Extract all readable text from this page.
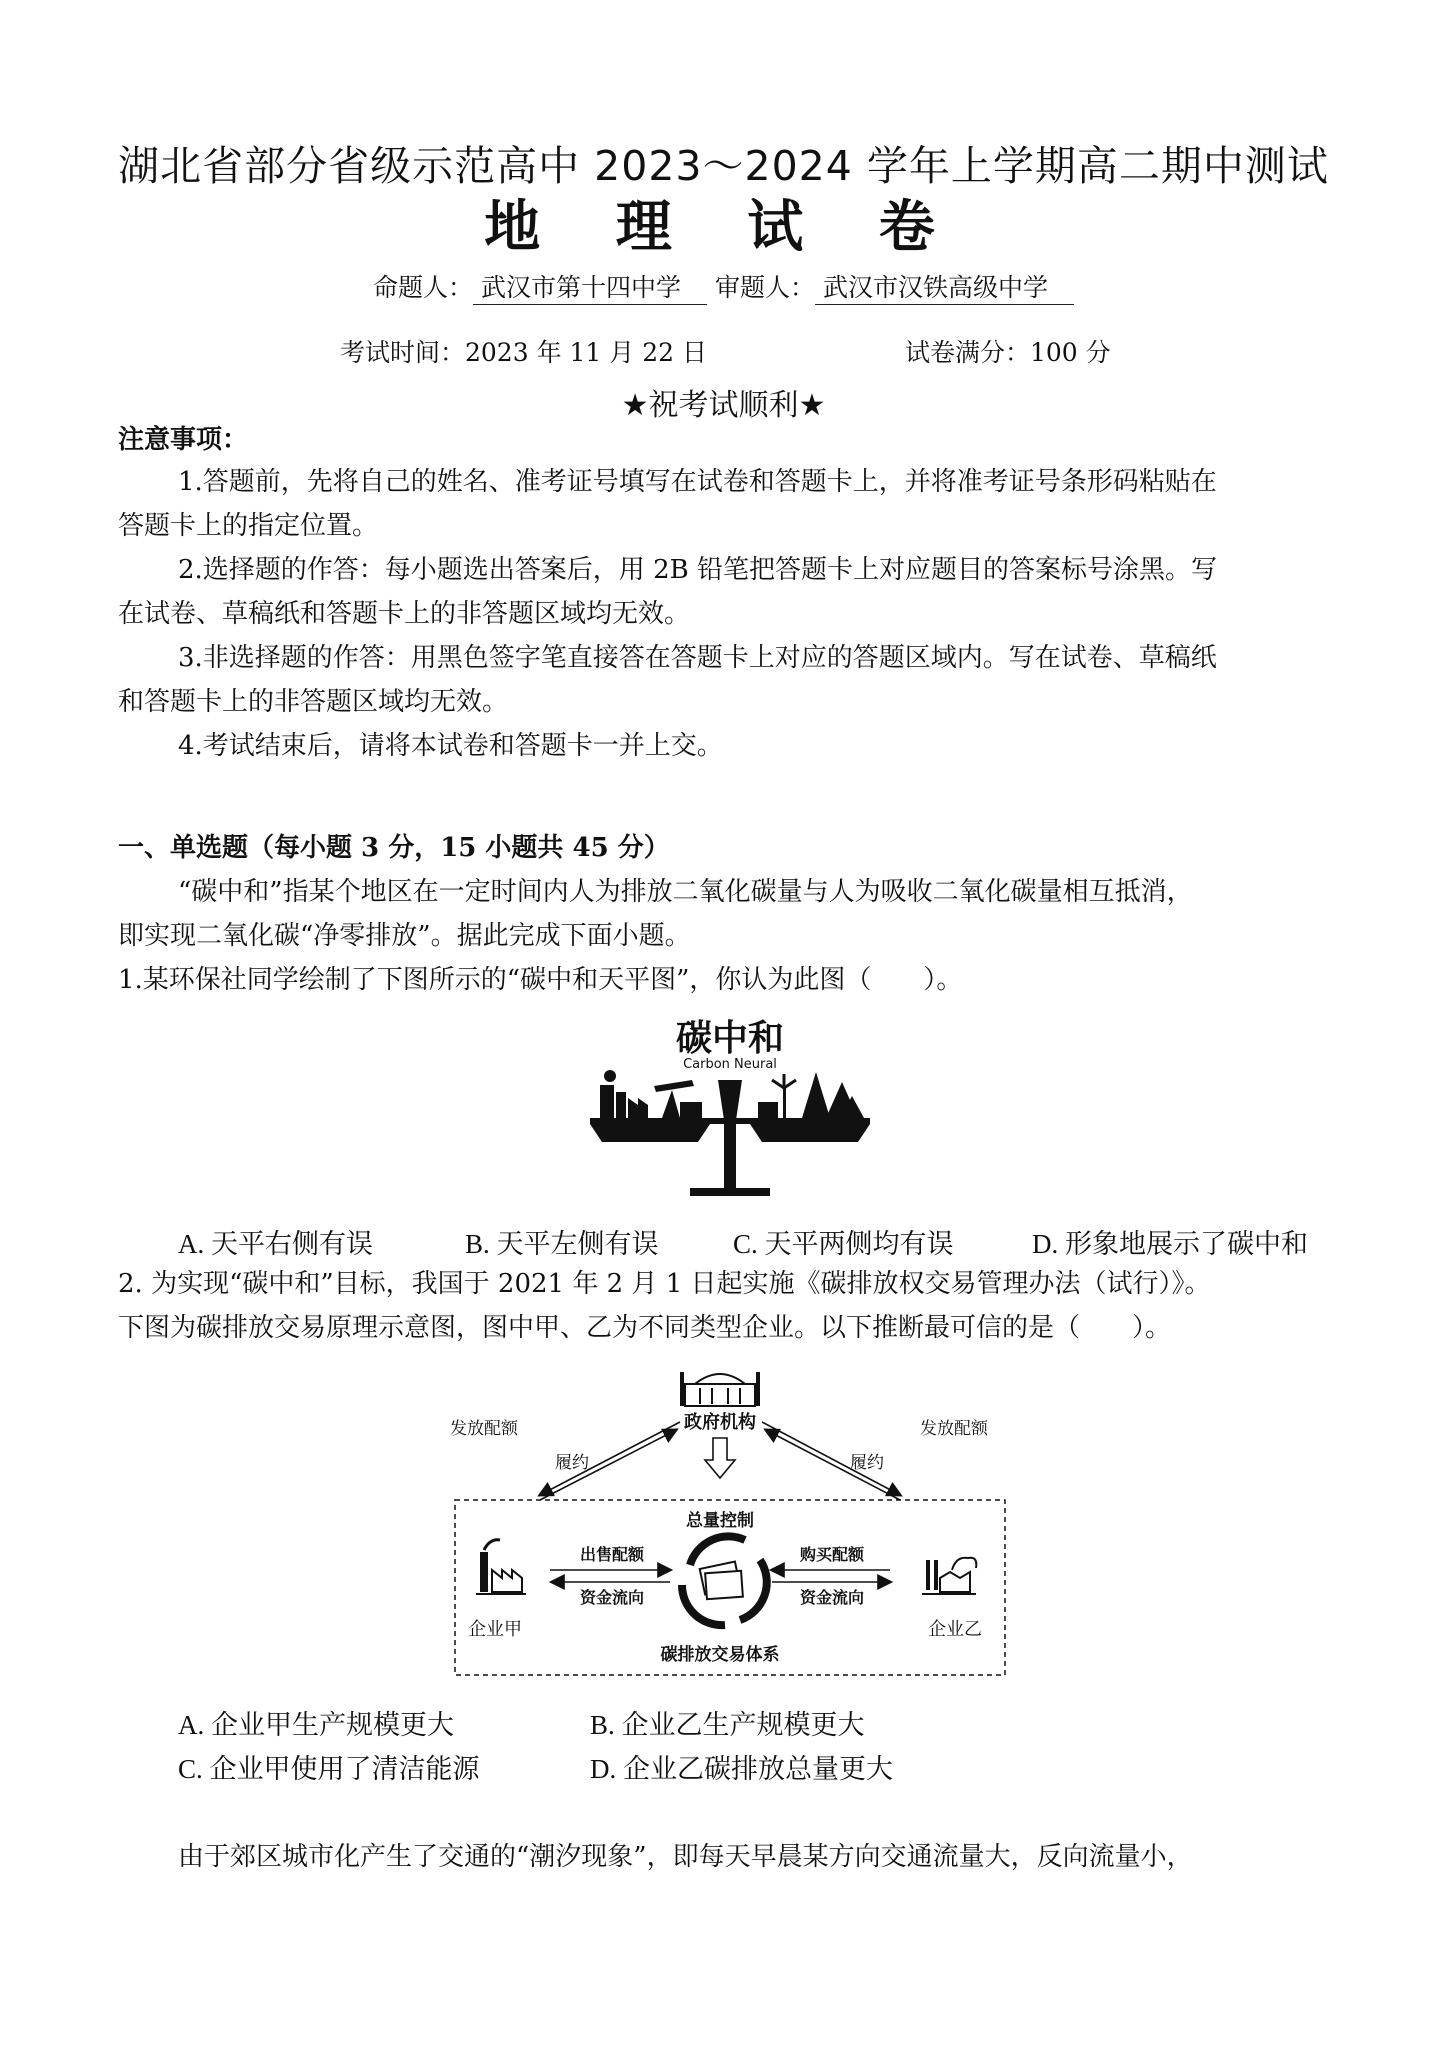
湖北省部分省级示范高中 2023～2024 学年上学期高二期中测试
地 理 试 卷
命题人： 武汉市第十四中学 审题人： 武汉市汉铁高级中学
考试时间：2023 年 11 月 22 日	试卷满分：100 分
★祝考试顺利★
注意事项：
1.答题前，先将自己的姓名、准考证号填写在试卷和答题卡上，并将准考证号条形码粘贴在
答题卡上的指定位置。
2.选择题的作答：每小题选出答案后，用 2B 铅笔把答题卡上对应题目的答案标号涂黑。写
在试卷、草稿纸和答题卡上的非答题区域均无效。
3.非选择题的作答：用黑色签字笔直接答在答题卡上对应的答题区域内。写在试卷、草稿纸
和答题卡上的非答题区域均无效。
4.考试结束后，请将本试卷和答题卡一并上交。
一、单选题（每小题 3 分，15 小题共 45 分）
“碳中和”指某个地区在一定时间内人为排放二氧化碳量与人为吸收二氧化碳量相互抵消，
即实现二氧化碳“净零排放”。据此完成下面小题。
1.某环保社同学绘制了下图所示的“碳中和天平图”，你认为此图（　　）。
碳中和
Carbon Neural
A. 天平右侧有误	B. 天平左侧有误	C. 天平两侧均有误	D. 形象地展示了碳中和
2. 为实现“碳中和”目标，我国于 2021 年 2 月 1 日起实施《碳排放权交易管理办法（试行）》。
下图为碳排放交易原理示意图，图中甲、乙为不同类型企业。以下推断最可信的是（　　）。
政府机构
发放配额	发放配额
履约	履约
总量控制
企业甲	企业乙
出售配额
资金流向
购买配额
资金流向
碳排放交易体系
A. 企业甲生产规模更大	B. 企业乙生产规模更大
C. 企业甲使用了清洁能源	D. 企业乙碳排放总量更大
由于郊区城市化产生了交通的“潮汐现象”，即每天早晨某方向交通流量大，反向流量小，
